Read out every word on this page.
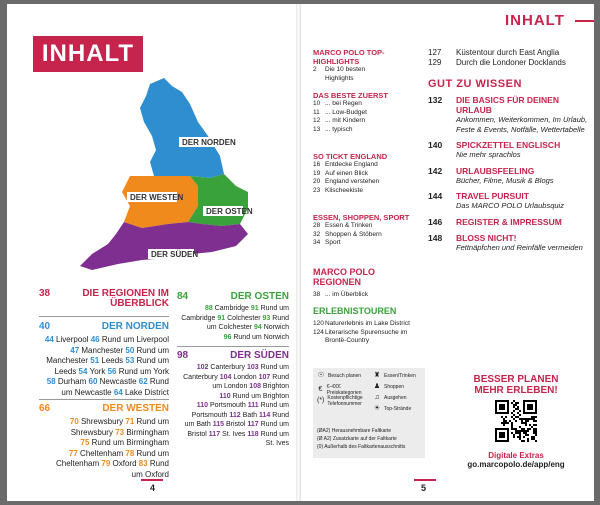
INHALT
DER NORDEN
DER WESTEN
DER OSTEN
DER SÜDEN
38	DIE REGIONEN IM ÜBERBLICK
40	DER NORDEN
44 Liverpool 46 Rund um Liverpool
47 Manchester 50 Rund um
Manchester 51 Leeds 53 Rund um
Leeds 54 York 56 Rund um York
58 Durham 60 Newcastle 62 Rund
um Newcastle 64 Lake District
66	DER WESTEN
70 Shrewsbury 71 Rund um
Shrewsbury 73 Birmingham
75 Rund um Birmingham
77 Cheltenham 78 Rund um
Cheltenham 79 Oxford 83 Rund
um Oxford
84	DER OSTEN
88 Cambridge 91 Rund um
Cambridge 91 Colchester 93 Rund
um Colchester 94 Norwich
96 Rund um Norwich
98	DER SÜDEN
102 Canterbury 103 Rund um
Canterbury 104 London 107 Rund
um London 108 Brighton
110 Rund um Brighton
110 Portsmouth 111 Rund um
Portsmouth 112 Bath 114 Rund
um Bath 115 Bristol 117 Rund um
Bristol 117 St. Ives 118 Rund um
St. Ives
4
INHALT
MARCO POLO TOP-HIGHLIGHTS
2	Die 10 besten
Highlights
DAS BESTE ZUERST
10 ... bei Regen
11 ... Low-Budget
12 ... mit Kindern
13 ... typisch
SO TICKT ENGLAND
16 Entdecke England
19 Auf einen Blick
20 England verstehen
23 Klischeekiste
ESSEN, SHOPPEN, SPORT
28 Essen & Trinken
32 Shoppen & Stöbern
34 Sport
MARCO POLO REGIONEN
38 ... im Überblick
ERLEBNISTOUREN
120 Naturerlebnis im Lake District
124 Literarische Spurensuche im
Brontë-Country
127	Küstentour durch East Anglia
129	Durch die Londoner Docklands
GUT ZU WISSEN
132	DIE BASICS FÜR DEINEN URLAUB
Ankommen, Weiterkommen, Im Urlaub, Feste & Events, Notfälle, Wettertabelle
140	SPICKZETTEL ENGLISCH
Nie mehr sprachlos
142	URLAUBSFEELING
Bücher, Filme, Musik & Blogs
144	TRAVEL PURSUIT
Das MARCO POLO Urlaubsquiz
146	REGISTER & IMPRESSUM
148	BLOSS NICHT!
Fettnäpfchen und Reinfälle vermeiden
☉ Besuch planen
€ €–€€€ Preiskategorien
(*) Kostenpflichtige Telefonnummer
♜ Essen/Trinken
♟ Shoppen
♫ Ausgehen
☀ Top-Strände
(ØA2) Herausnehmbare Faltkarte
(Ø A2) Zusatzkarte auf der Faltkarte
(0) Außerhalb des Faltkartenausschnitts
BESSER PLANEN
MEHR ERLEBEN!
Digitale Extras
go.marcopolo.de/app/eng
5
